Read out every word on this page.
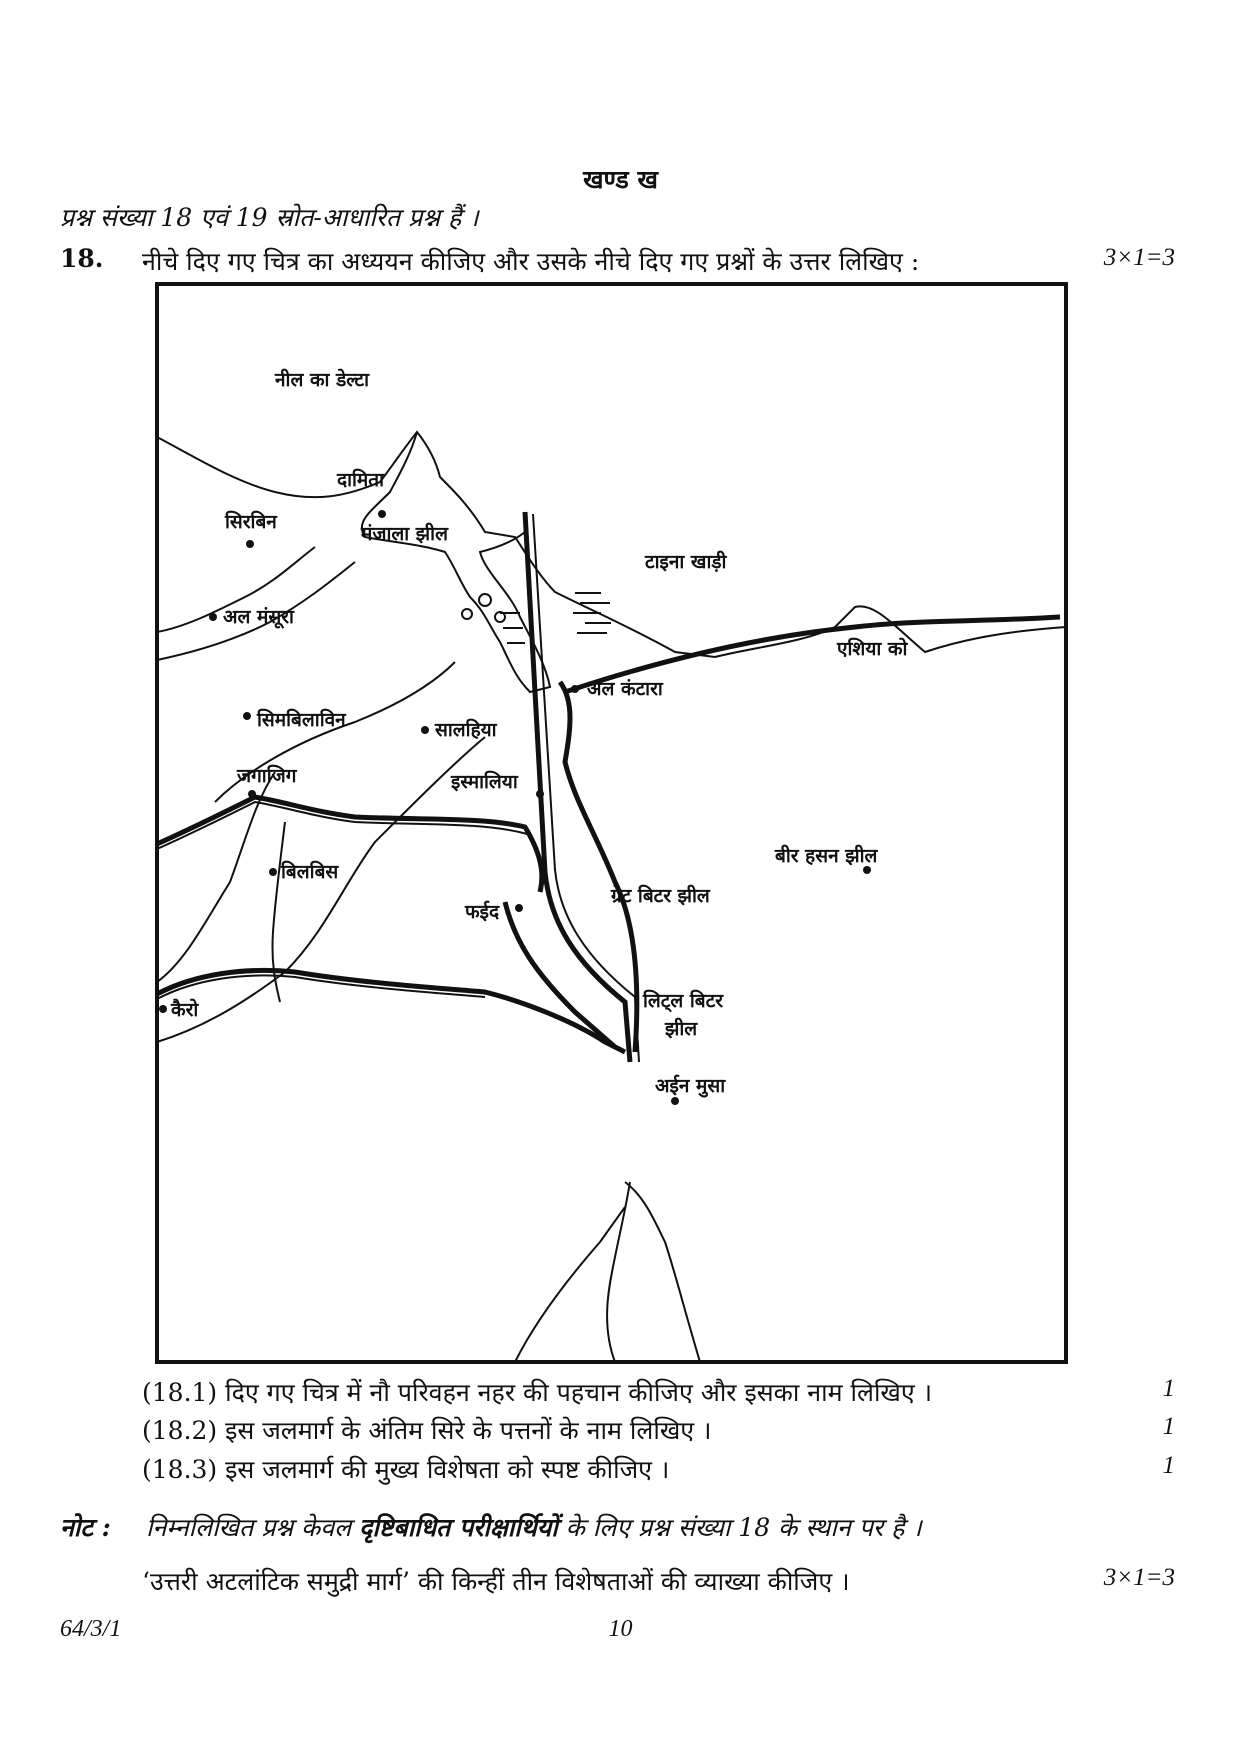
खण्ड ख
प्रश्न संख्या 18 एवं 19 स्रोत-आधारित प्रश्न हैं ।
18. नीचे दिए गए चित्र का अध्ययन कीजिए और उसके नीचे दिए गए प्रश्नों के उत्तर लिखिए :	3×1=3
नील का डेल्टा
दामिता
मंजाला झील
सिरबिन
टाइना खाड़ी
अल मंसूरा
एशिया को
अल कंटारा
सिमबिलाविन	सालहिया
जगाजिग	इस्मालिया
बीर हसन झील
बिलबिस
ग्रेट बिटर झील
फईद
कैरो	लिट्ल बिटर
झील
अईन मुसा
(18.1) दिए गए चित्र में नौ परिवहन नहर की पहचान कीजिए और इसका नाम लिखिए ।	1
(18.2) इस जलमार्ग के अंतिम सिरे के पत्तनों के नाम लिखिए ।	1
(18.3) इस जलमार्ग की मुख्य विशेषता को स्पष्ट कीजिए ।	1
नोट : निम्नलिखित प्रश्न केवल दृष्टिबाधित परीक्षार्थियों के लिए प्रश्न संख्या 18 के स्थान पर है ।
‘उत्तरी अटलांटिक समुद्री मार्ग’ की किन्हीं तीन विशेषताओं की व्याख्या कीजिए ।	3×1=3
64/3/1	10
